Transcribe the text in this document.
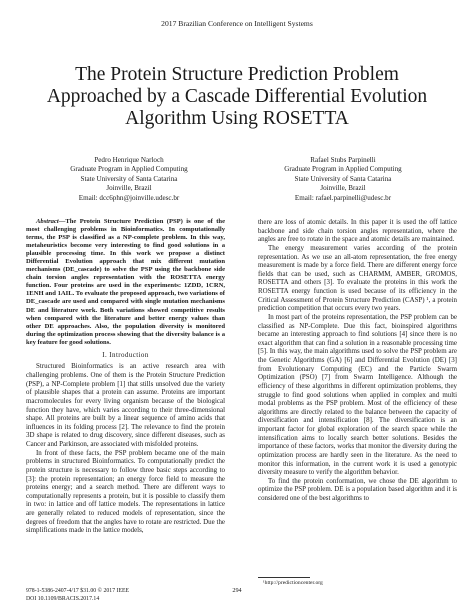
2017 Brazilian Conference on Intelligent Systems
The Protein Structure Prediction Problem Approached by a Cascade Differential Evolution Algorithm Using ROSETTA
Pedro Henrique Narloch
Graduate Program in Applied Computing
State University of Santa Catarina
Joinville, Brazil
Email: dcc6phn@joinville.udesc.br
Rafael Stubs Parpinelli
Graduate Program in Applied Computing
State University of Santa Catarina
Joinville, Brazil
Email: rafael.parpinelli@udesc.br

Abstract—The Protein Structure Prediction (PSP) is one of the most challenging problems in Bioinformatics. In computationally terms, the PSP is classified as a NP-complete problem. In this way, metaheuristics become very interesting to find good solutions in a plausible processing time. In this work we propose a distinct Differential Evolution approach that mix different mutation mechanisms (DE_cascade) to solve the PSP using the backbone side chain torsion angles representation with the ROSETTA energy function. Four proteins are used in the experiments: 1ZDD, 1CRN, 1ENH and 1AIL. To evaluate the proposed approach, two variations of DE_cascade are used and compared with single mutation mechanisms DE and literature work. Both variations showed competitive results when compared with the literature and better energy values than other DE approaches. Also, the population diversity is monitored during the optimization process showing that the diversity balance is a key feature for good solutions.

I. Introduction

Structured Bioinformatics is an active research area with challenging problems. One of them is the Protein Structure Prediction (PSP), a NP-Complete problem [1] that stills unsolved due the variety of plausible shapes that a protein can assume. Proteins are important macromolecules for every living organism because of the biological function they have, which varies according to their three-dimensional shape. All proteins are built by a linear sequence of amino acids that influences in its folding process [2]. The relevance to find the protein 3D shape is related to drug discovery, since different diseases, such as Cancer and Parkinson, are associated with misfolded proteins.

In front of these facts, the PSP problem became one of the main problems in structured Bioinformatics. To computationally predict the protein structure is necessary to follow three basic steps according to [3]: the protein representation; an energy force field to measure the proteins energy; and a search method. There are different ways to computationally represents a protein, but it is possible to classify them in two: in lattice and off lattice models. The representations in lattice are generally related to reduced models of representation, since the degrees of freedom that the angles have to rotate are restricted. Due the simplifications made in the lattice models,

there are loss of atomic details. In this paper it is used the off lattice backbone and side chain torsion angles representation, where the angles are free to rotate in the space and atomic details are maintained.

The energy measurement varies according of the protein representation. As we use an all-atom representation, the free energy measurement is made by a force field. There are different energy force fields that can be used, such as CHARMM, AMBER, GROMOS, ROSETTA and others [3]. To evaluate the proteins in this work the ROSETTA energy function is used because of its efficiency in the Critical Assessment of Protein Structure Prediction (CASP) ¹, a protein prediction competition that occurs every two years.

In most part of the proteins representation, the PSP problem can be classified as NP-Complete. Due this fact, bioinspired algorithms became an interesting approach to find solutions [4] since there is no exact algorithm that can find a solution in a reasonable processing time [5]. In this way, the main algorithms used to solve the PSP problem are the Genetic Algorithms (GA) [6] and Differential Evolution (DE) [3] from Evolutionary Computing (EC) and the Particle Swarm Optimization (PSO) [7] from Swarm Intelligence. Although the efficiency of these algorithms in different optimization problems, they struggle to find good solutions when applied in complex and multi modal problems as the PSP problem. Most of the efficiency of these algorithms are directly related to the balance between the capacity of diversification and intensification [8]. The diversification is an important factor for global exploration of the search space while the intensification aims to locally search better solutions. Besides the importance of these factors, works that monitor the diversity during the optimization process are hardly seen in the literature. As the need to monitor this information, in the current work it is used a genotypic diversity measure to verify the algorithm behavior.

To find the protein conformation, we chose the DE algorithm to optimize the PSP problem. DE is a population based algorithm and it is considered one of the best algorithms to

¹http://predictioncenter.org
978-1-5386-2407-4/17 $31.00 © 2017 IEEE
DOI 10.1109/BRACIS.2017.14
294
